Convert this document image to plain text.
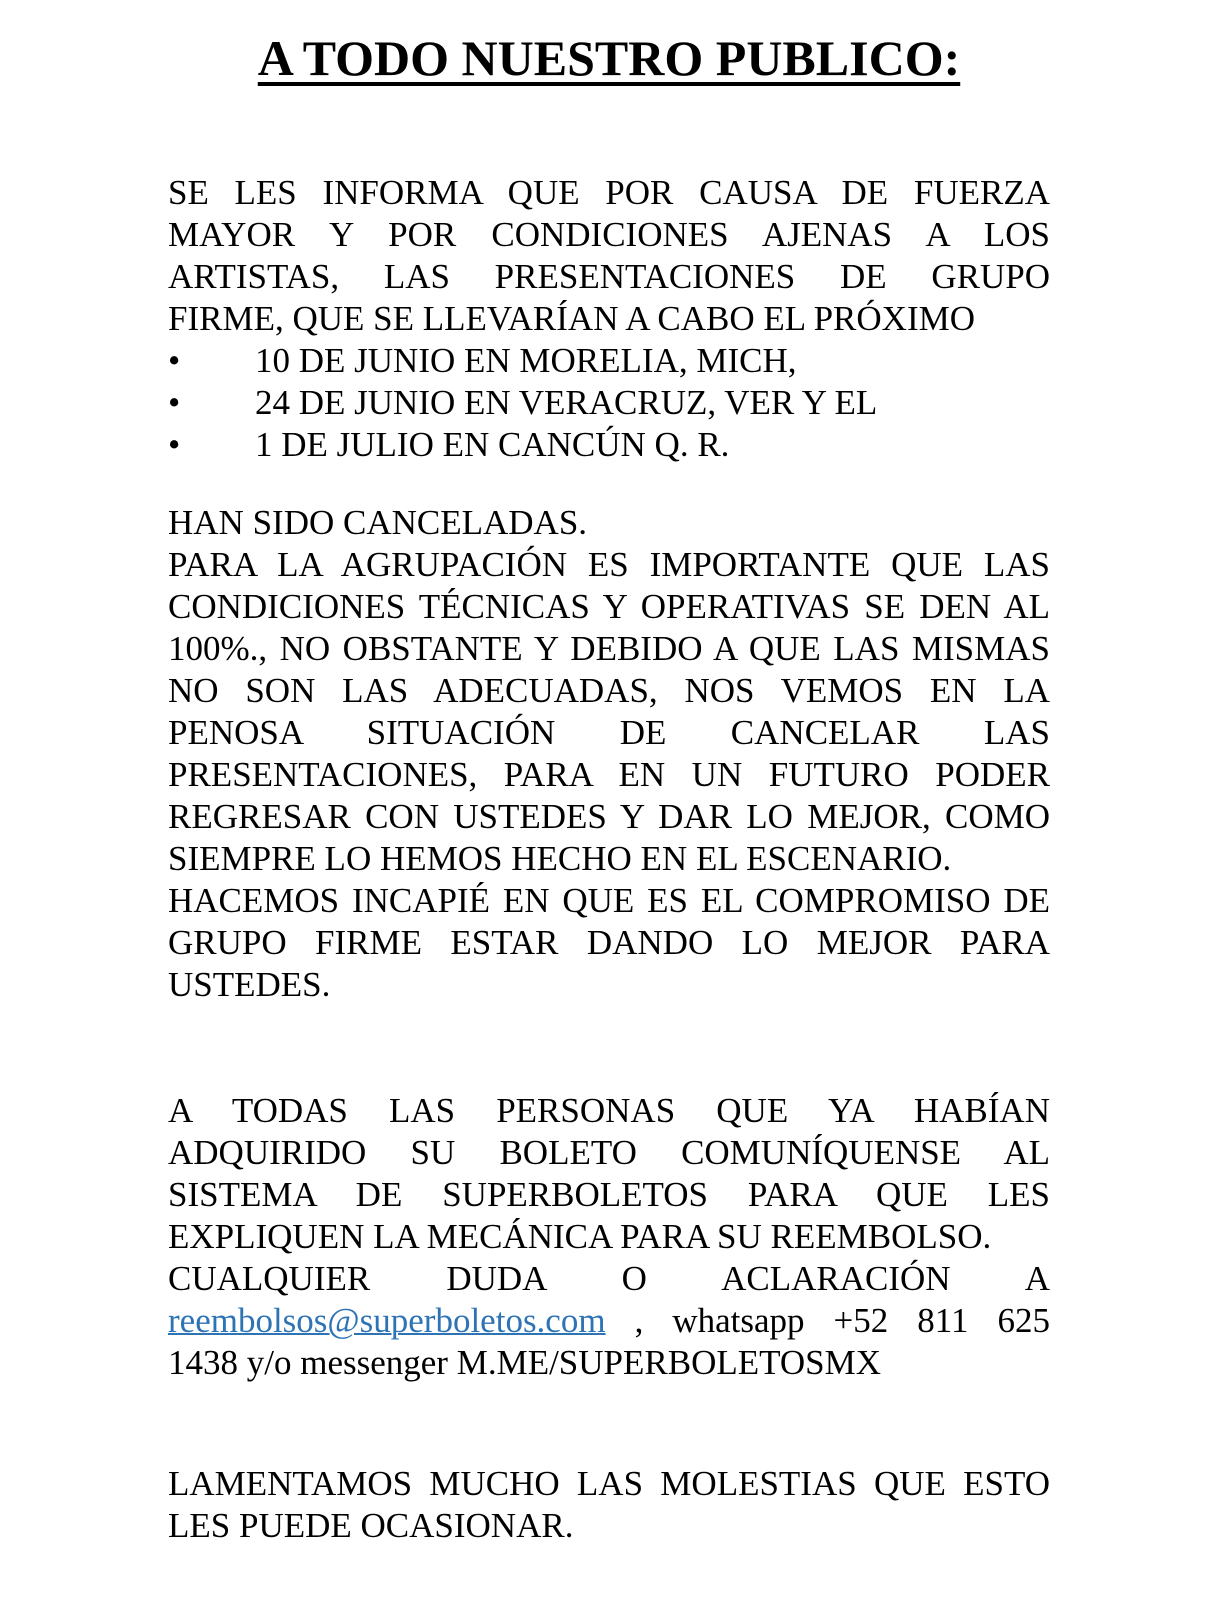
A TODO NUESTRO PUBLICO:
SE LES INFORMA QUE POR CAUSA DE FUERZA
MAYOR Y POR CONDICIONES AJENAS A LOS
ARTISTAS, LAS PRESENTACIONES DE GRUPO
FIRME, QUE SE LLEVARÍAN A CABO EL PRÓXIMO
•	10 DE JUNIO EN MORELIA, MICH,
•	24 DE JUNIO EN VERACRUZ, VER Y EL
•	1 DE JULIO EN CANCÚN Q. R.
HAN SIDO CANCELADAS.
PARA LA AGRUPACIÓN ES IMPORTANTE QUE LAS
CONDICIONES TÉCNICAS Y OPERATIVAS SE DEN AL
100%., NO OBSTANTE Y DEBIDO A QUE LAS MISMAS
NO SON LAS ADECUADAS, NOS VEMOS EN LA
PENOSA SITUACIÓN DE CANCELAR LAS
PRESENTACIONES, PARA EN UN FUTURO PODER
REGRESAR CON USTEDES Y DAR LO MEJOR, COMO
SIEMPRE LO HEMOS HECHO EN EL ESCENARIO.
HACEMOS INCAPIÉ EN QUE ES EL COMPROMISO DE
GRUPO FIRME ESTAR DANDO LO MEJOR PARA
USTEDES.
A TODAS LAS PERSONAS QUE YA HABÍAN
ADQUIRIDO SU BOLETO COMUNÍQUENSE AL
SISTEMA DE SUPERBOLETOS PARA QUE LES
EXPLIQUEN LA MECÁNICA PARA SU REEMBOLSO.
CUALQUIER DUDA O ACLARACIÓN A
reembolsos@superboletos.com , whatsapp +52 811 625
1438 y/o messenger M.ME/SUPERBOLETOSMX
LAMENTAMOS MUCHO LAS MOLESTIAS QUE ESTO
LES PUEDE OCASIONAR.
